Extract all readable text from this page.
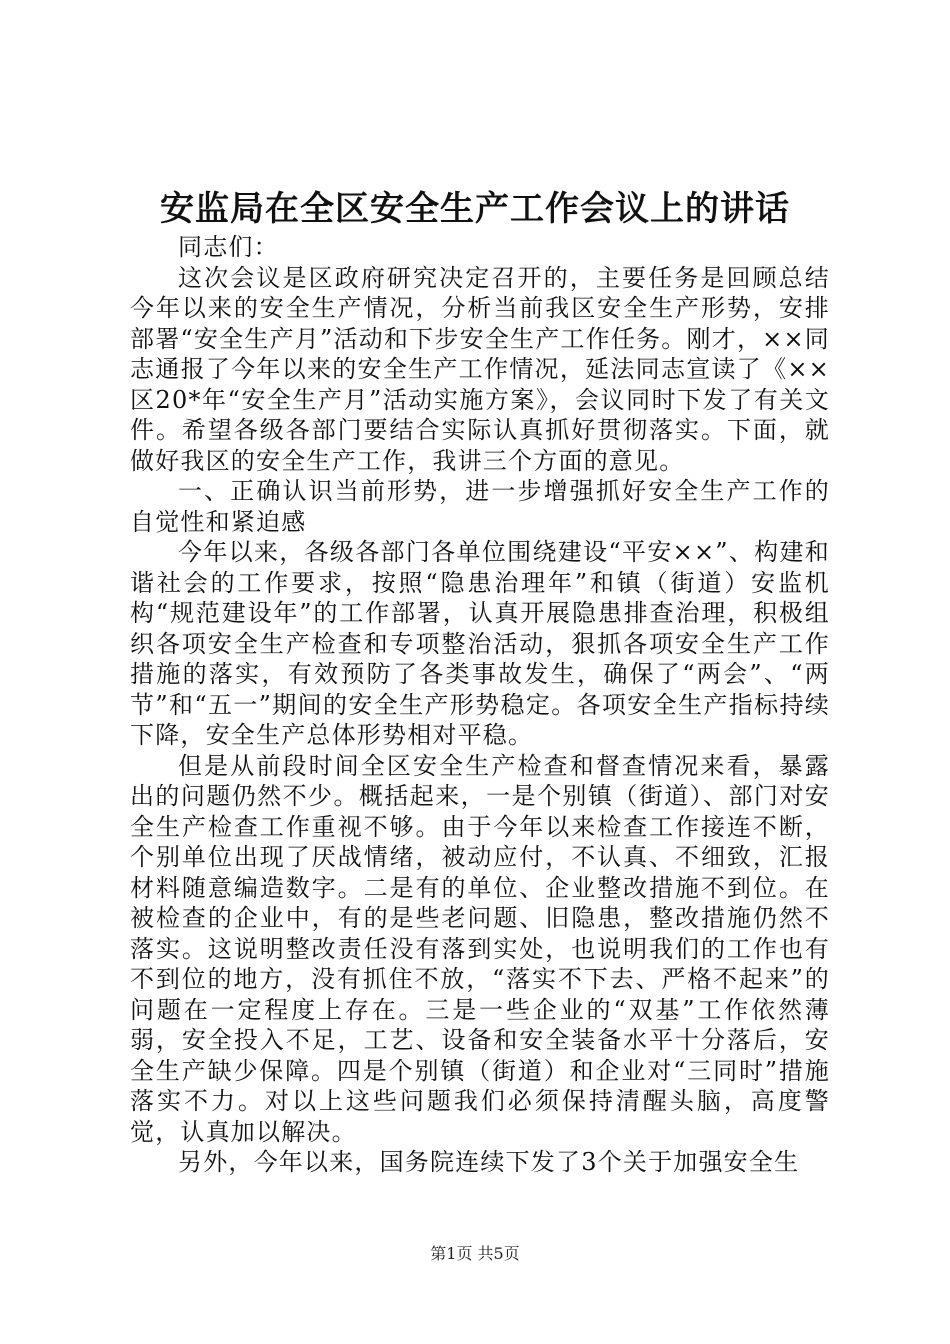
安监局在全区安全生产工作会议上的讲话

同志们：

这次会议是区政府研究决定召开的，主要任务是回顾总结今年以来的安全生产情况，分析当前我区安全生产形势，安排部署“安全生产月”活动和下步安全生产工作任务。刚才，××同志通报了今年以来的安全生产工作情况，延法同志宣读了《××区20*年“安全生产月”活动实施方案》，会议同时下发了有关文件。希望各级各部门要结合实际认真抓好贯彻落实。下面，就做好我区的安全生产工作，我讲三个方面的意见。

一、正确认识当前形势，进一步增强抓好安全生产工作的自觉性和紧迫感

今年以来，各级各部门各单位围绕建设“平安××”、构建和谐社会的工作要求，按照“隐患治理年”和镇（街道）安监机构“规范建设年”的工作部署，认真开展隐患排查治理，积极组织各项安全生产检查和专项整治活动，狠抓各项安全生产工作措施的落实，有效预防了各类事故发生，确保了“两会”、“两节”和“五一”期间的安全生产形势稳定。各项安全生产指标持续下降，安全生产总体形势相对平稳。

但是从前段时间全区安全生产检查和督查情况来看，暴露出的问题仍然不少。概括起来，一是个别镇（街道）、部门对安全生产检查工作重视不够。由于今年以来检查工作接连不断，个别单位出现了厌战情绪，被动应付，不认真、不细致，汇报材料随意编造数字。二是有的单位、企业整改措施不到位。在被检查的企业中，有的是些老问题、旧隐患，整改措施仍然不落实。这说明整改责任没有落到实处，也说明我们的工作也有不到位的地方，没有抓住不放，“落实不下去、严格不起来”的问题在一定程度上存在。三是一些企业的“双基”工作依然薄弱，安全投入不足，工艺、设备和安全装备水平十分落后，安全生产缺少保障。四是个别镇（街道）和企业对“三同时”措施落实不力。对以上这些问题我们必须保持清醒头脑，高度警觉，认真加以解决。

另外，今年以来，国务院连续下发了3个关于加强安全生

第1页 共5页
